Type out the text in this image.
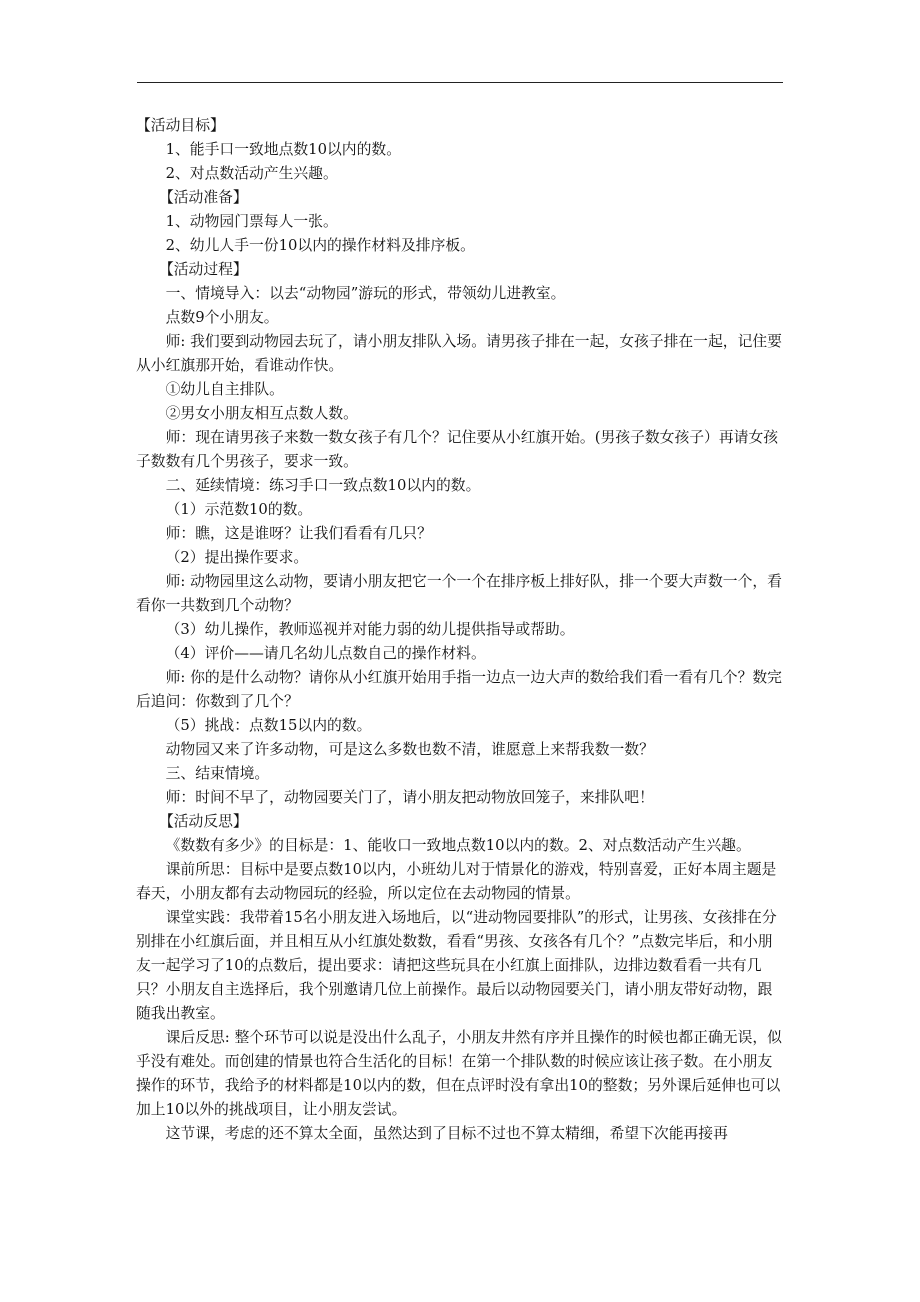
【活动目标】

1、能手口一致地点数10以内的数。

2、对点数活动产生兴趣。

【活动准备】

1、动物园门票每人一张。

2、幼儿人手一份10以内的操作材料及排序板。

【活动过程】

一、情境导入：以去“动物园”游玩的形式，带领幼儿进教室。

点数9个小朋友。

师: 我们要到动物园去玩了，请小朋友排队入场。请男孩子排在一起，女孩子排在一起，记住要从小红旗那开始，看谁动作快。

①幼儿自主排队。

②男女小朋友相互点数人数。

师：现在请男孩子来数一数女孩子有几个？记住要从小红旗开始。(男孩子数女孩子）再请女孩子数数有几个男孩子，要求一致。

二、延续情境：练习手口一致点数10以内的数。

（1）示范数10的数。

师：瞧，这是谁呀？让我们看看有几只？

（2）提出操作要求。

师: 动物园里这么动物，要请小朋友把它一个一个在排序板上排好队，排一个要大声数一个，看看你一共数到几个动物？

（3）幼儿操作，教师巡视并对能力弱的幼儿提供指导或帮助。

（4）评价——请几名幼儿点数自己的操作材料。

师: 你的是什么动物？请你从小红旗开始用手指一边点一边大声的数给我们看一看有几个？数完后追问：你数到了几个？

（5）挑战：点数15以内的数。

动物园又来了许多动物，可是这么多数也数不清，谁愿意上来帮我数一数？

三、结束情境。

师：时间不早了，动物园要关门了，请小朋友把动物放回笼子，来排队吧！

【活动反思】

《数数有多少》的目标是：1、能收口一致地点数10以内的数。2、对点数活动产生兴趣。

课前所思：目标中是要点数10以内，小班幼儿对于情景化的游戏，特别喜爱，正好本周主题是春天，小朋友都有去动物园玩的经验，所以定位在去动物园的情景。

课堂实践：我带着15名小朋友进入场地后，以“进动物园要排队”的形式，让男孩、女孩排在分别排在小红旗后面，并且相互从小红旗处数数，看看“男孩、女孩各有几个？”点数完毕后，和小朋友一起学习了10的点数后，提出要求：请把这些玩具在小红旗上面排队，边排边数看看一共有几只？小朋友自主选择后，我个别邀请几位上前操作。最后以动物园要关门，请小朋友带好动物，跟随我出教室。

课后反思: 整个环节可以说是没出什么乱子，小朋友井然有序并且操作的时候也都正确无误，似乎没有难处。而创建的情景也符合生活化的目标！在第一个排队数的时候应该让孩子数。在小朋友操作的环节，我给予的材料都是10以内的数，但在点评时没有拿出10的整数；另外课后延伸也可以加上10以外的挑战项目，让小朋友尝试。

这节课，考虑的还不算太全面，虽然达到了目标不过也不算太精细，希望下次能再接再
